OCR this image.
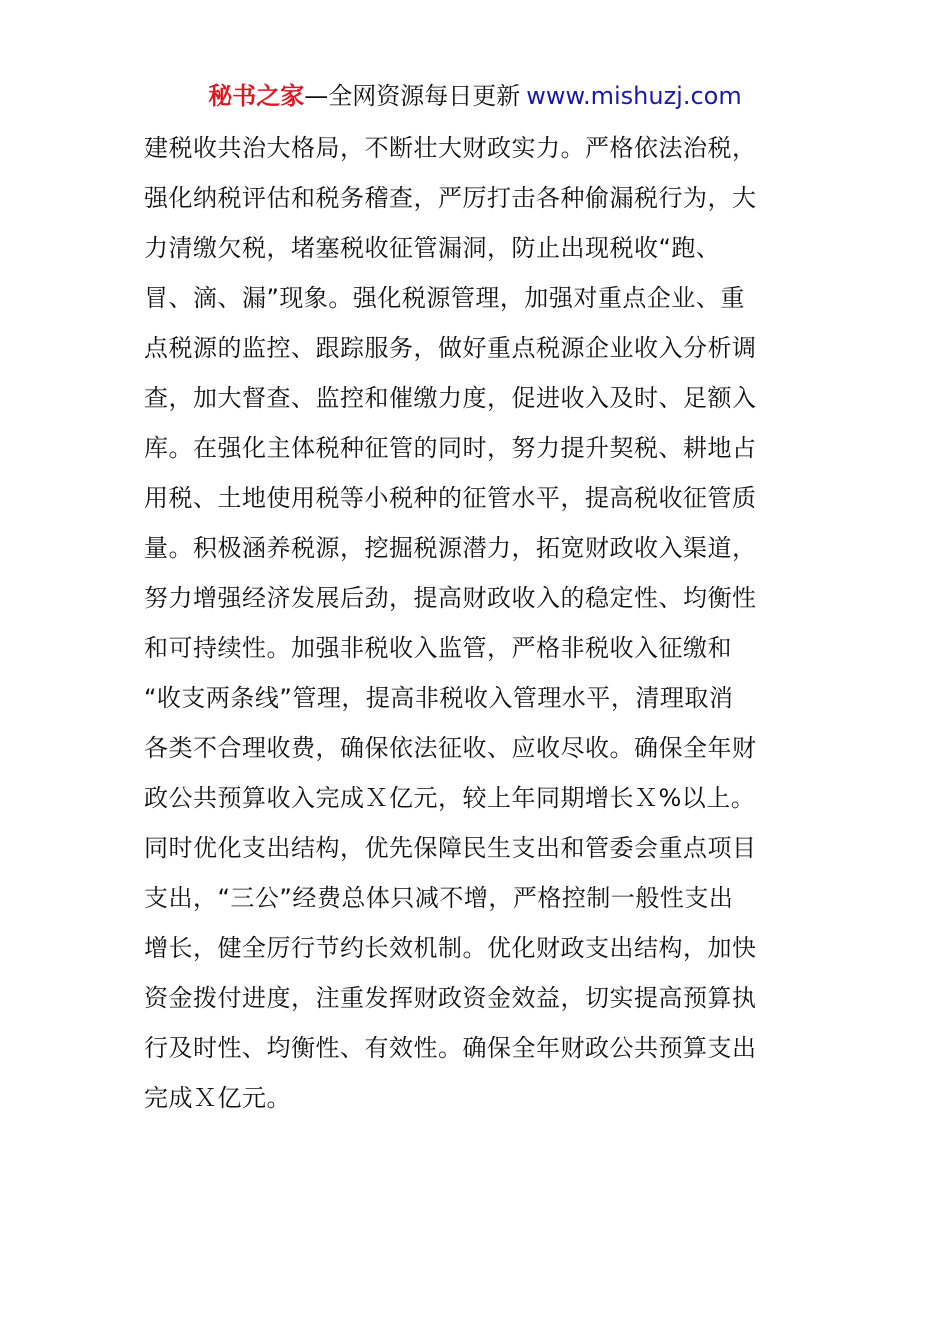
秘书之家—全网资源每日更新 www.mishuzj.com
建税收共治大格局，不断壮大财政实力。严格依法治税，
强化纳税评估和税务稽查，严厉打击各种偷漏税行为，大
力清缴欠税，堵塞税收征管漏洞，防止出现税收“跑、
冒、滴、漏”现象。强化税源管理，加强对重点企业、重
点税源的监控、跟踪服务，做好重点税源企业收入分析调
查，加大督查、监控和催缴力度，促进收入及时、足额入
库。在强化主体税种征管的同时，努力提升契税、耕地占
用税、土地使用税等小税种的征管水平，提高税收征管质
量。积极涵养税源，挖掘税源潜力，拓宽财政收入渠道，
努力增强经济发展后劲，提高财政收入的稳定性、均衡性
和可持续性。加强非税收入监管，严格非税收入征缴和
“收支两条线”管理，提高非税收入管理水平，清理取消
各类不合理收费，确保依法征收、应收尽收。确保全年财
政公共预算收入完成Ｘ亿元，较上年同期增长Ｘ%以上。
同时优化支出结构，优先保障民生支出和管委会重点项目
支出，“三公”经费总体只减不增，严格控制一般性支出
增长，健全厉行节约长效机制。优化财政支出结构，加快
资金拨付进度，注重发挥财政资金效益，切实提高预算执
行及时性、均衡性、有效性。确保全年财政公共预算支出
完成Ｘ亿元。
